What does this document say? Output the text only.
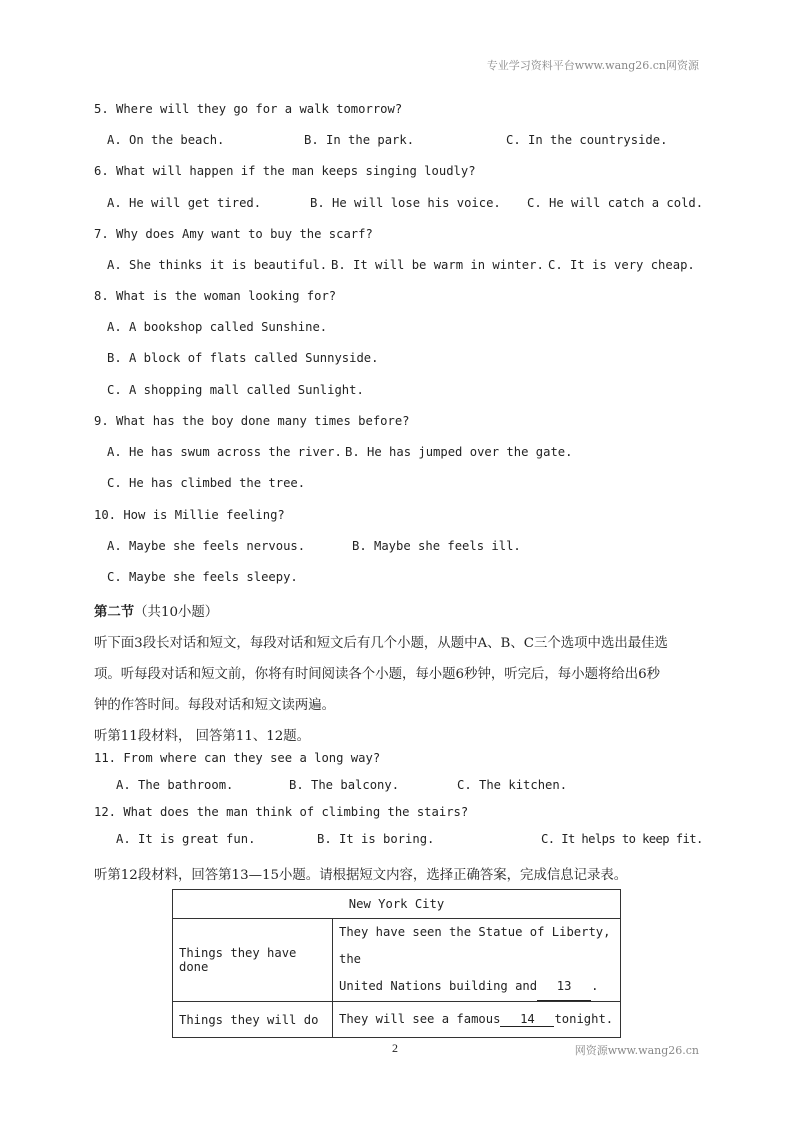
专业学习资料平台www.wang26.cn网资源
5. Where will they go for a walk tomorrow?
A. On the beach.	B. In the park.	C. In the countryside.
6. What will happen if the man keeps singing loudly?
A. He will get tired.	B. He will lose his voice. C. He will catch a cold.
7. Why does Amy want to buy the scarf?
A. She thinks it is beautiful. B. It will be warm in winter. C. It is very cheap.
8. What is the woman looking for?
A. A bookshop called Sunshine.
B. A block of flats called Sunnyside.
C. A shopping mall called Sunlight.
9. What has the boy done many times before?
A. He has swum across the river. B. He has jumped over the gate.
C. He has climbed the tree.
10. How is Millie feeling?
A. Maybe she feels nervous.	B. Maybe she feels ill.
C. Maybe she feels sleepy.
第二节（共10小题）
听下面3段长对话和短文，每段对话和短文后有几个小题，从题中A、B、C三个选项中选出最佳选
项。听每段对话和短文前，你将有时间阅读各个小题，每小题6秒钟，听完后，每小题将给出6秒
钟的作答时间。每段对话和短文读两遍。
听第11段材料， 回答第11、12题。
11. From where can they see a long way?
A. The bathroom.	B. The balcony.	C. The kitchen.
12. What does the man think of climbing the stairs?
A. It is great fun.	B. It is boring.	C. It helps to keep fit.
听第12段材料，回答第13—15小题。请根据短文内容，选择正确答案，完成信息记录表。
New York City	
Things they have done	They have seen the Statue of Liberty, the
United Nations building and 13 .

Things they will do	They will see a famous 14 tonight.
2	网资源www.wang26.cn
